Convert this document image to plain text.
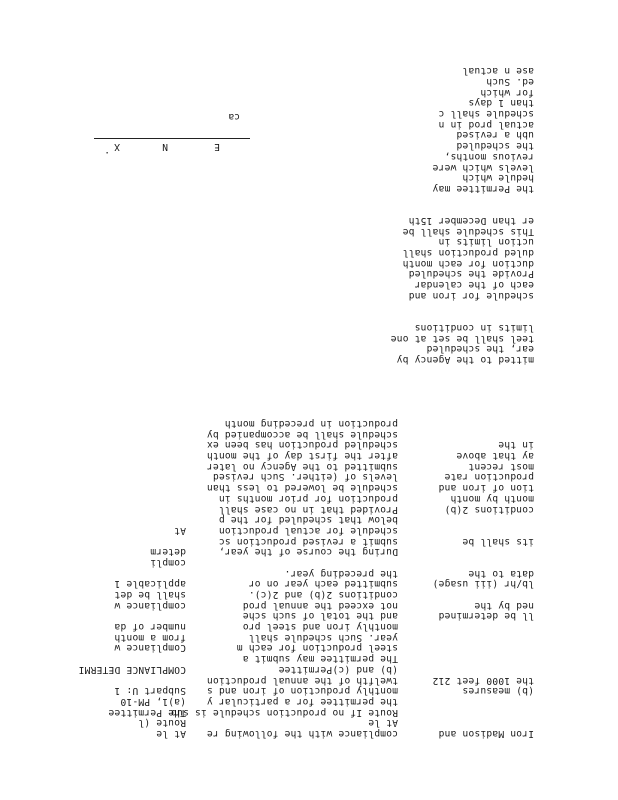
compliance with the following re
At le
Route If no production schedule is sub
the permittee for a particular y
monthly production of iron and s
twelfth of the annual production
(b) and (c)Permittee
The permittee may submit a
steel production for each m
year. Such schedule shall
monthly iron and steel pro
and the total of such sche
not exceed the annual prod
conditions 2(b) and 2(c).
submitted each year on or
the preceding year.
During the course of the year,
submit a revised production sc
schedule for actual production
below that scheduled for the p
Provided that in no case shall
production for prior months in
schedule be lowered to less than
levels of (either. Such revised
submitted to the Agency no later
after the first day of the month
scheduled production has been ex
schedule shall be accompanied by
production in preceding month
Iron Madison and
(b) measures
the 1000 feet 212
ll be determined
ned by the
lb/hr (iii usage)
data to the
its shall be
conditions 2(b)
month by month
tion of iron and
production rate
most recent
ay that above
in the
mitted to the Agency by
ear, the scheduled
teel shall be set at one
limits in conditions
schedule for iron and
each of the calendar
Provide the scheduled
duction for each month
duled production shall
uction limits in
This schedule shall be
er than December 15th
the Permittee may
hedule which
levels which were
revious months,
the scheduled
ubh a revised
actual prod in n
schedule shall c
than 1 days
for which
ed. Such
ase n actual
At le
Route (l
The Permittee
(a)1, PM-10
Subpart U: 1
COMPLIANCE DETERMI
Compliance w
from a month
number of da
compliance w
shall be det
applicable 1
compli
determ
At

X

	N

	E

ca

.
